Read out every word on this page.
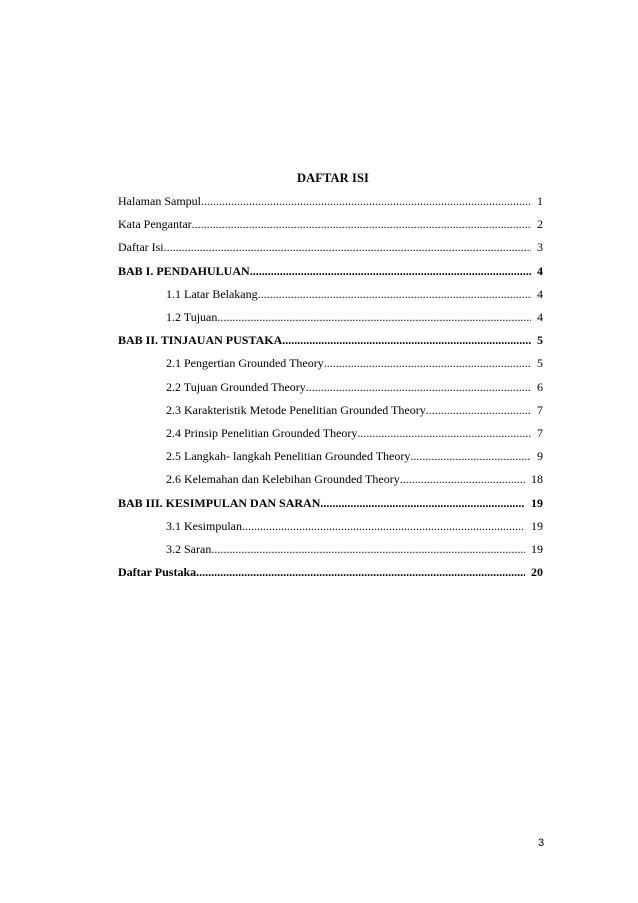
DAFTAR ISI
Halaman Sampul .....	1
Kata Pengantar .....	2
Daftar Isi .....	3
BAB I. PENDAHULUAN .....	4
1.1 Latar Belakang .....	4
1.2 Tujuan .....	4
BAB II. TINJAUAN PUSTAKA .....	5
2.1 Pengertian Grounded Theory .....	5
2.2 Tujuan Grounded Theory .....	6
2.3 Karakteristik Metode Penelitian Grounded Theory .....	7
2.4 Prinsip Penelitian Grounded Theory .....	7
2.5 Langkah- langkah Penelitian Grounded Theory .....	9
2.6 Kelemahan dan Kelebihan Grounded Theory .....	18
BAB III. KESIMPULAN DAN SARAN .....	19
3.1 Kesimpulan .....	19
3.2 Saran .....	19
Daftar Pustaka .....	20
3
